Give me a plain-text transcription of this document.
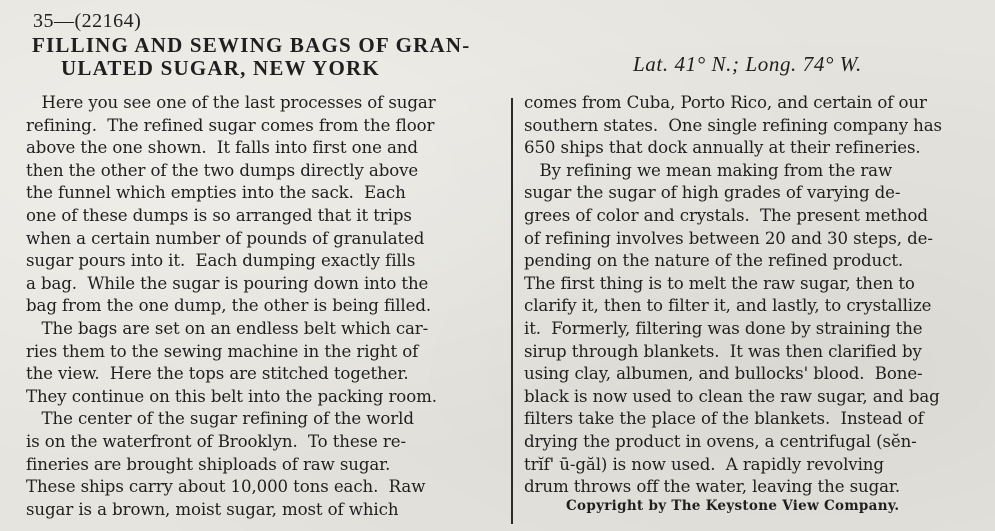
35—(22164)
FILLING AND SEWING BAGS OF GRAN-
ULATED SUGAR, NEW YORK	Lat. 41° N.; Long. 74° W.
Here you see one of the last processes of sugar
refining.  The refined sugar comes from the floor
above the one shown.  It falls into first one and
then the other of the two dumps directly above
the funnel which empties into the sack.  Each
one of these dumps is so arranged that it trips
when a certain number of pounds of granulated
sugar pours into it.  Each dumping exactly fills
a bag.  While the sugar is pouring down into the
bag from the one dump, the other is being filled.
The bags are set on an endless belt which car-
ries them to the sewing machine in the right of
the view.  Here the tops are stitched together.
They continue on this belt into the packing room.
The center of the sugar refining of the world
is on the waterfront of Brooklyn.  To these re-
fineries are brought shiploads of raw sugar.
These ships carry about 10,000 tons each.  Raw
sugar is a brown, moist sugar, most of which
comes from Cuba, Porto Rico, and certain of our
southern states.  One single refining company has
650 ships that dock annually at their refineries.
By refining we mean making from the raw
sugar the sugar of high grades of varying de-
grees of color and crystals.  The present method
of refining involves between 20 and 30 steps, de-
pending on the nature of the refined product.
The first thing is to melt the raw sugar, then to
clarify it, then to filter it, and lastly, to crystallize
it.  Formerly, filtering was done by straining the
sirup through blankets.  It was then clarified by
using clay, albumen, and bullocks' blood.  Bone-
black is now used to clean the raw sugar, and bag
filters take the place of the blankets.  Instead of
drying the product in ovens, a centrifugal (sĕn-
trĭf' ū-găl) is now used.  A rapidly revolving
drum throws off the water, leaving the sugar.
Copyright by The Keystone View Company.
